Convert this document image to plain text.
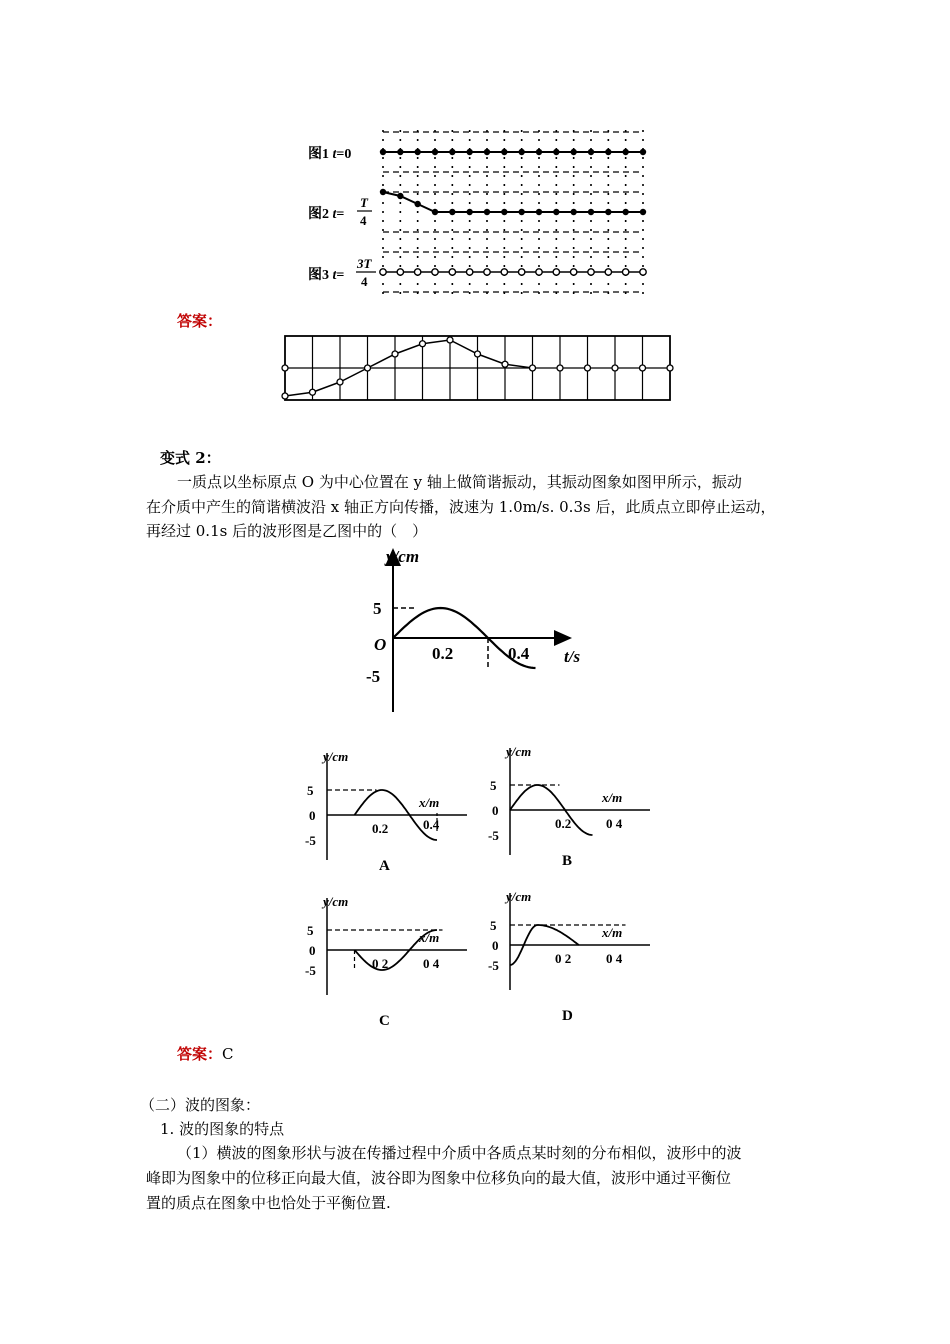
图1 t=0
图2 t=
T
4
图3 t=
3T
4
答案：
变式 2：
一质点以坐标原点 O 为中心位置在 y 轴上做简谐振动，其振动图象如图甲所示，振动
在介质中产生的简谐横波沿 x 轴正方向传播，波速为 1.0m/s. 0.3s 后，此质点立即停止运动，
再经过 0.1s 后的波形图是乙图中的（　）
y/cm
5
O
-5
0.2	0.4 t/s
y/cm
x/m
5
0
-5
0.2	0.4
A
y/cm
x/m
5
0
-5
0.2	0 4
B
y/cm
x/m
5
0
-5	0 2	0 4
C
y/cm
x/m
5
0
-5	0 2	0 4
D
答案：C
（二）波的图象：
1. 波的图象的特点
（1）横波的图象形状与波在传播过程中介质中各质点某时刻的分布相似，波形中的波
峰即为图象中的位移正向最大值，波谷即为图象中位移负向的最大值，波形中通过平衡位
置的质点在图象中也恰处于平衡位置.
